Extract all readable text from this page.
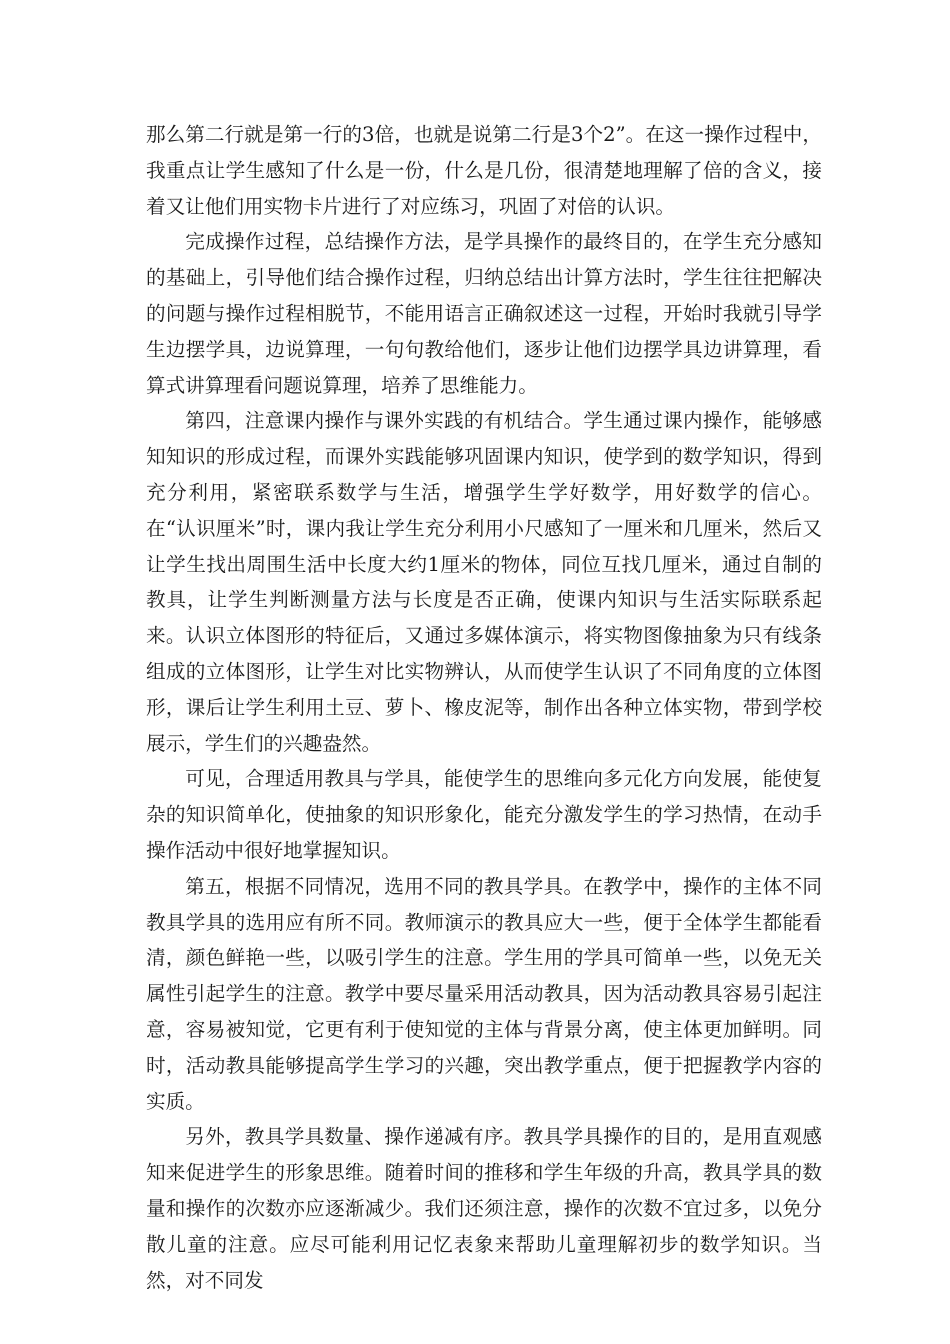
那么第二行就是第一行的3倍，也就是说第二行是3个2”。在这一操作过程中，我重点让学生感知了什么是一份，什么是几份，很清楚地理解了倍的含义，接着又让他们用实物卡片进行了对应练习，巩固了对倍的认识。

完成操作过程，总结操作方法，是学具操作的最终目的，在学生充分感知的基础上，引导他们结合操作过程，归纳总结出计算方法时，学生往往把解决的问题与操作过程相脱节，不能用语言正确叙述这一过程，开始时我就引导学生边摆学具，边说算理，一句句教给他们，逐步让他们边摆学具边讲算理，看算式讲算理看问题说算理，培养了思维能力。

第四，注意课内操作与课外实践的有机结合。学生通过课内操作，能够感知知识的形成过程，而课外实践能够巩固课内知识，使学到的数学知识，得到充分利用，紧密联系数学与生活，增强学生学好数学，用好数学的信心。在“认识厘米”时，课内我让学生充分利用小尺感知了一厘米和几厘米，然后又让学生找出周围生活中长度大约1厘米的物体，同位互找几厘米，通过自制的教具，让学生判断测量方法与长度是否正确，使课内知识与生活实际联系起来。认识立体图形的特征后，又通过多媒体演示，将实物图像抽象为只有线条组成的立体图形，让学生对比实物辨认，从而使学生认识了不同角度的立体图形，课后让学生利用土豆、萝卜、橡皮泥等，制作出各种立体实物，带到学校展示，学生们的兴趣盎然。

可见，合理适用教具与学具，能使学生的思维向多元化方向发展，能使复杂的知识简单化，使抽象的知识形象化，能充分激发学生的学习热情，在动手操作活动中很好地掌握知识。

第五，根据不同情况，选用不同的教具学具。在教学中，操作的主体不同教具学具的选用应有所不同。教师演示的教具应大一些，便于全体学生都能看清，颜色鲜艳一些，以吸引学生的注意。学生用的学具可简单一些，以免无关属性引起学生的注意。教学中要尽量采用活动教具，因为活动教具容易引起注意，容易被知觉，它更有利于使知觉的主体与背景分离，使主体更加鲜明。同时，活动教具能够提高学生学习的兴趣，突出教学重点，便于把握教学内容的实质。

另外，教具学具数量、操作递减有序。教具学具操作的目的，是用直观感知来促进学生的形象思维。随着时间的推移和学生年级的升高，教具学具的数量和操作的次数亦应逐渐减少。我们还须注意，操作的次数不宜过多，以免分散儿童的注意。应尽可能利用记忆表象来帮助儿童理解初步的数学知识。当然，对不同发
